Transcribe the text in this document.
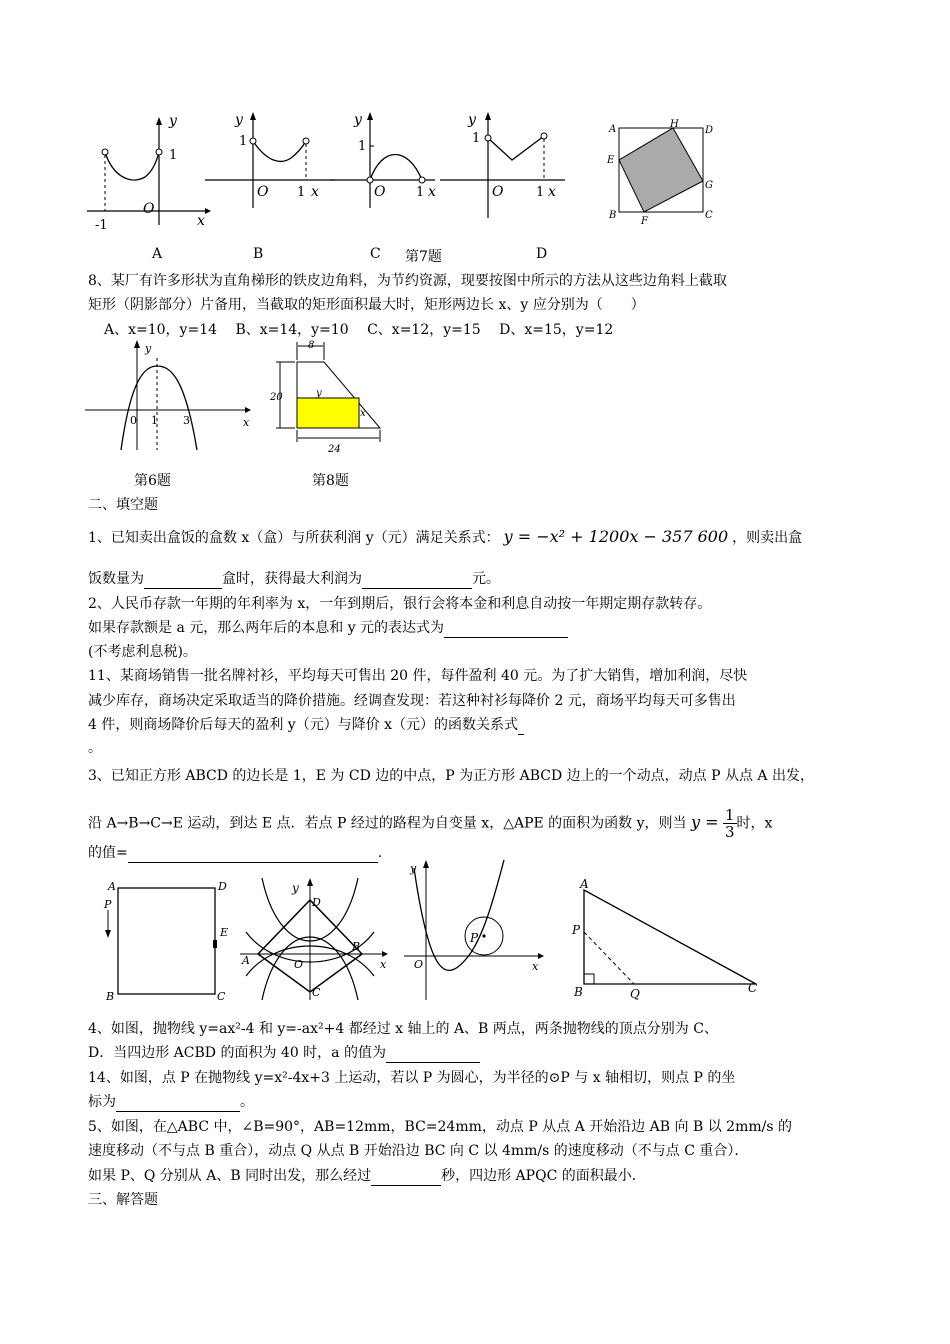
y
1
-1
O
x
y
1
O 1 x
y
1
O 1 x
y
1
O	1 x
A	H
D
E
G
B
F
C
A	B	C 第7题	D
8、某厂有许多形状为直角梯形的铁皮边角料，为节约资源，现要按图中所示的方法从这些边角料上截取
矩形（阴影部分）片备用，当截取的矩形面积最大时，矩形两边长 x、y 应分别为（　　）
A、x=10，y=14　 B、x=14，y=10　 C、x=12，y=15　 D、x=15，y=12
y
x
0 1 3
8
20	y
x
24
第6题	第8题
二、填空题
1、已知卖出盒饭的盒数 x（盒）与所获利润 y（元）满足关系式： y = −x² + 1200x − 357 600 ，则卖出盒
饭数量为	盒时，获得最大利润为	元。
2、人民币存款一年期的年利率为 x，一年到期后，银行会将本金和利息自动按一年期定期存款转存。
如果存款额是 a 元，那么两年后的本息和 y 元的表达式为
(不考虑利息税)。
11、某商场销售一批名牌衬衫，平均每天可售出 20 件，每件盈利 40 元。为了扩大销售，增加利润，尽快
减少库存，商场决定采取适当的降价措施。经调查发现：若这种衬衫每降价 2 元，商场平均每天可多售出
4 件，则商场降价后每天的盈利 y（元）与降价 x（元）的函数关系式
。
3、已知正方形 ABCD 的边长是 1，E 为 CD 边的中点，P 为正方形 ABCD 边上的一个动点，动点 P 从点 A 出发，
沿 A→B→C→E 运动，到达 E 点．若点 P 经过的路程为自变量 x，△APE 的面积为函数 y，则当 $y = \frac{1}{3}$ 时，x
的值=	.
A	D
P
E
B	C
y
D
A	O
B
x
C
y
P
O	x
A
P
B	Q	C
4、如图，抛物线 y=ax²-4 和 y=-ax²+4 都经过 x 轴上的 A、B 两点，两条抛物线的顶点分别为 C、
D．当四边形 ACBD 的面积为 40 时，a 的值为
14、如图，点 P 在抛物线 y=x²-4x+3 上运动，若以 P 为圆心，为半径的⊙P 与 x 轴相切，则点 P 的坐
标为	。
5、如图，在△ABC 中，∠B=90°，AB=12mm，BC=24mm，动点 P 从点 A 开始沿边 AB 向 B 以 2mm/s 的
速度移动（不与点 B 重合），动点 Q 从点 B 开始沿边 BC 向 C 以 4mm/s 的速度移动（不与点 C 重合）．
如果 P、Q 分别从 A、B 同时出发，那么经过	秒，四边形 APQC 的面积最小．
三、解答题
